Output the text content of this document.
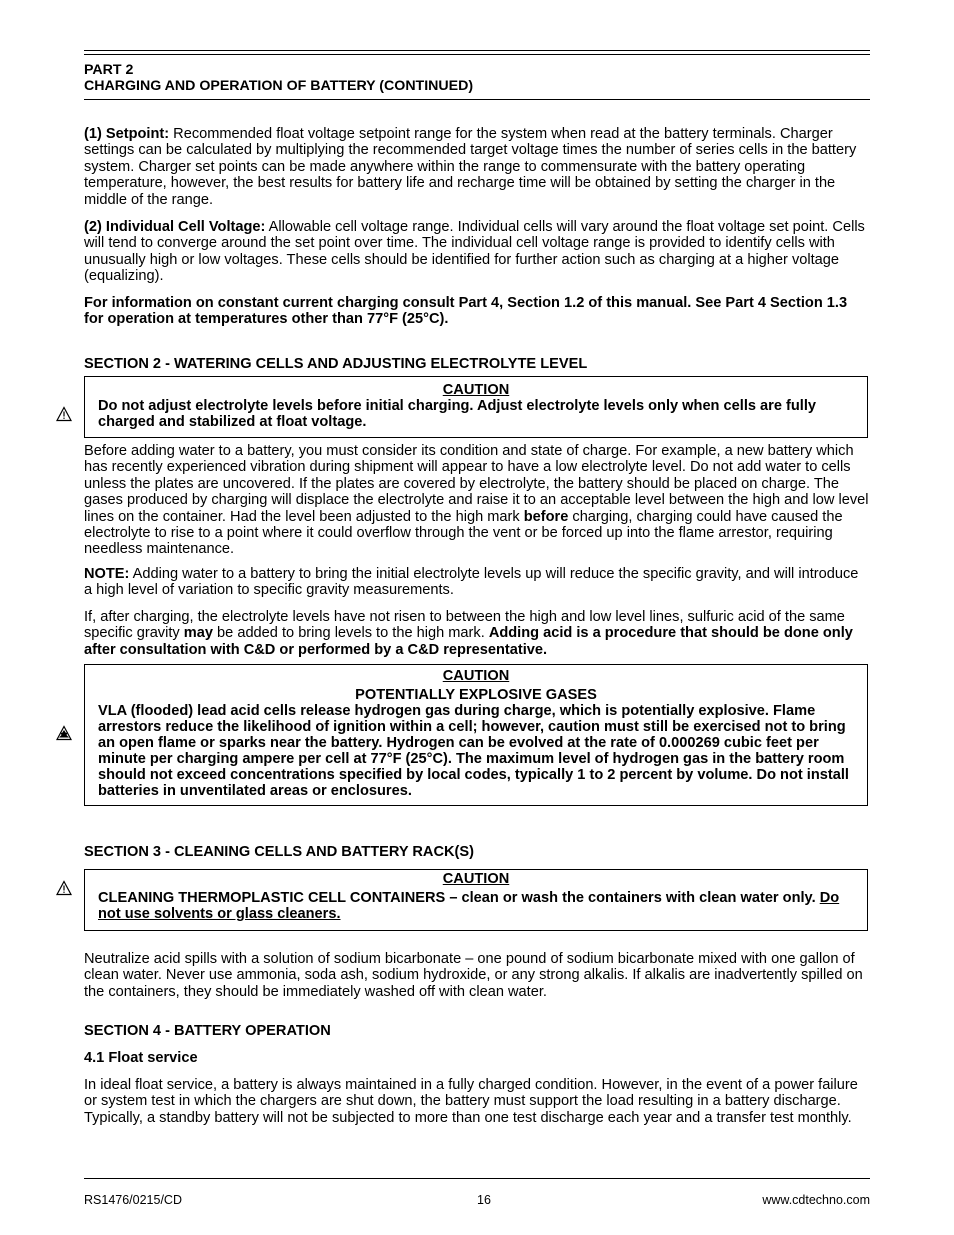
PART 2
CHARGING AND OPERATION OF BATTERY (CONTINUED)

(1) Setpoint: Recommended float voltage setpoint range for the system when read at the battery terminals. Charger settings can be calculated by multiplying the recommended target voltage times the number of series cells in the battery system. Charger set points can be made anywhere within the range to commensurate with the battery operating temperature, however, the best results for battery life and recharge time will be obtained by setting the charger in the middle of the range.

(2) Individual Cell Voltage: Allowable cell voltage range. Individual cells will vary around the float voltage set point. Cells will tend to converge around the set point over time. The individual cell voltage range is provided to identify cells with unusually high or low voltages. These cells should be identified for further action such as charging at a higher voltage (equalizing).

For information on constant current charging consult Part 4, Section 1.2 of this manual. See Part 4 Section 1.3 for operation at temperatures other than 77°F (25°C).

SECTION 2 - WATERING CELLS AND ADJUSTING ELECTROLYTE LEVEL
CAUTION
Do not adjust electrolyte levels before initial charging. Adjust electrolyte levels only when cells are fully charged and stabilized at float voltage.

Before adding water to a battery, you must consider its condition and state of charge. For example, a new battery which has recently experienced vibration during shipment will appear to have a low electrolyte level. Do not add water to cells unless the plates are uncovered. If the plates are covered by electrolyte, the battery should be placed on charge. The gases produced by charging will displace the electrolyte and raise it to an acceptable level between the high and low level lines on the container. Had the level been adjusted to the high mark before charging, charging could have caused the electrolyte to rise to a point where it could overflow through the vent or be forced up into the flame arrestor, requiring needless maintenance.

NOTE: Adding water to a battery to bring the initial electrolyte levels up will reduce the specific gravity, and will introduce a high level of variation to specific gravity measurements.

If, after charging, the electrolyte levels have not risen to between the high and low level lines, sulfuric acid of the same specific gravity may be added to bring levels to the high mark. Adding acid is a procedure that should be done only after consultation with C&D or performed by a C&D representative.

CAUTION
POTENTIALLY EXPLOSIVE GASES
VLA (flooded) lead acid cells release hydrogen gas during charge, which is potentially explosive. Flame arrestors reduce the likelihood of ignition within a cell; however, caution must still be exercised not to bring an open flame or sparks near the battery. Hydrogen can be evolved at the rate of 0.000269 cubic feet per minute per charging ampere per cell at 77°F (25°C). The maximum level of hydrogen gas in the battery room should not exceed concentrations specified by local codes, typically 1 to 2 percent by volume. Do not install batteries in unventilated areas or enclosures.
SECTION 3 - CLEANING CELLS AND BATTERY RACK(S)
CAUTION
CLEANING THERMOPLASTIC CELL CONTAINERS – clean or wash the containers with clean water only. Do not use solvents or glass cleaners.

Neutralize acid spills with a solution of sodium bicarbonate – one pound of sodium bicarbonate mixed with one gallon of clean water. Never use ammonia, soda ash, sodium hydroxide, or any strong alkalis. If alkalis are inadvertently spilled on the containers, they should be immediately washed off with clean water.

SECTION 4 - BATTERY OPERATION
4.1 Float service

In ideal float service, a battery is always maintained in a fully charged condition. However, in the event of a power failure or system test in which the chargers are shut down, the battery must support the load resulting in a battery discharge. Typically, a standby battery will not be subjected to more than one test discharge each year and a transfer test monthly.

RS1476/0215/CD	16	www.cdtechno.com
